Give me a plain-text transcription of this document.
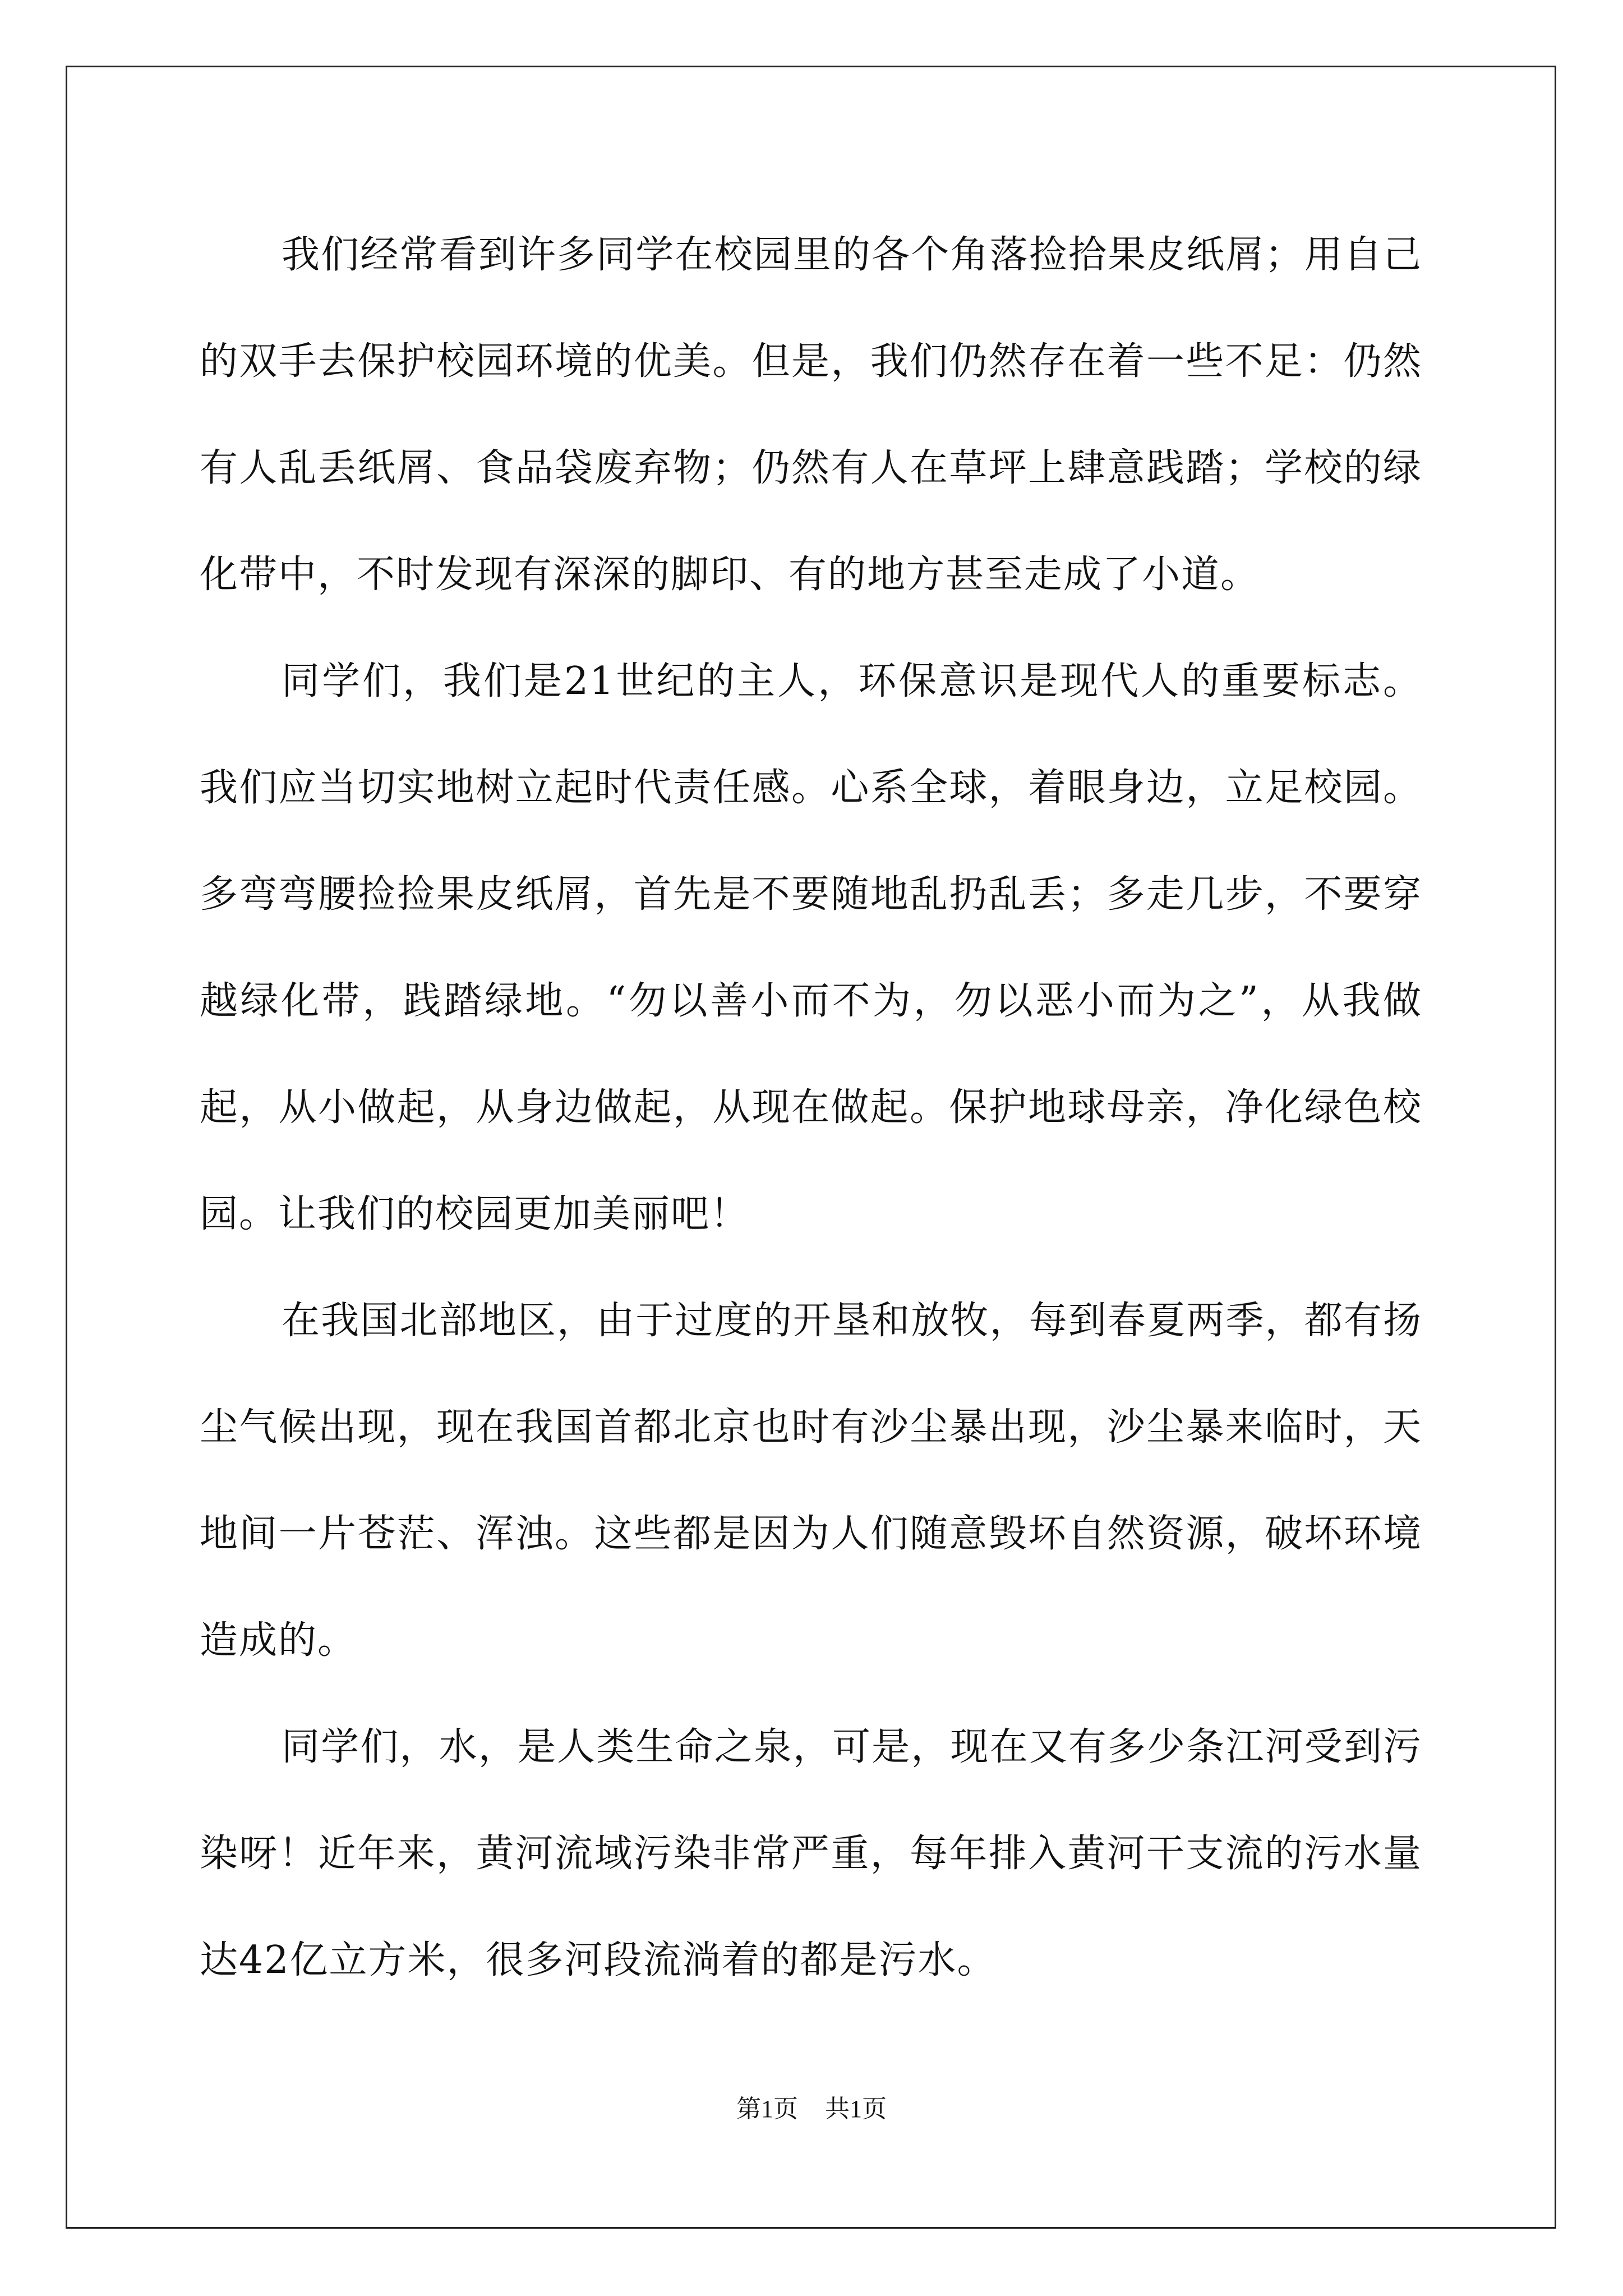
我们经常看到许多同学在校园里的各个角落捡拾果皮纸屑；用自己的双手去保护校园环境的优美。但是，我们仍然存在着一些不足：仍然有人乱丢纸屑、食品袋废弃物；仍然有人在草坪上肆意践踏；学校的绿化带中，不时发现有深深的脚印、有的地方甚至走成了小道。

同学们，我们是21世纪的主人，环保意识是现代人的重要标志。我们应当切实地树立起时代责任感。心系全球，着眼身边，立足校园。多弯弯腰捡捡果皮纸屑，首先是不要随地乱扔乱丢；多走几步，不要穿越绿化带，践踏绿地。“勿以善小而不为，勿以恶小而为之”，从我做起，从小做起，从身边做起，从现在做起。保护地球母亲，净化绿色校园。让我们的校园更加美丽吧！

在我国北部地区，由于过度的开垦和放牧，每到春夏两季，都有扬尘气候出现，现在我国首都北京也时有沙尘暴出现，沙尘暴来临时，天地间一片苍茫、浑浊。这些都是因为人们随意毁坏自然资源，破坏环境造成的。

同学们，水，是人类生命之泉，可是，现在又有多少条江河受到污染呀！近年来，黄河流域污染非常严重，每年排入黄河干支流的污水量达42亿立方米，很多河段流淌着的都是污水。

第1页 共1页
